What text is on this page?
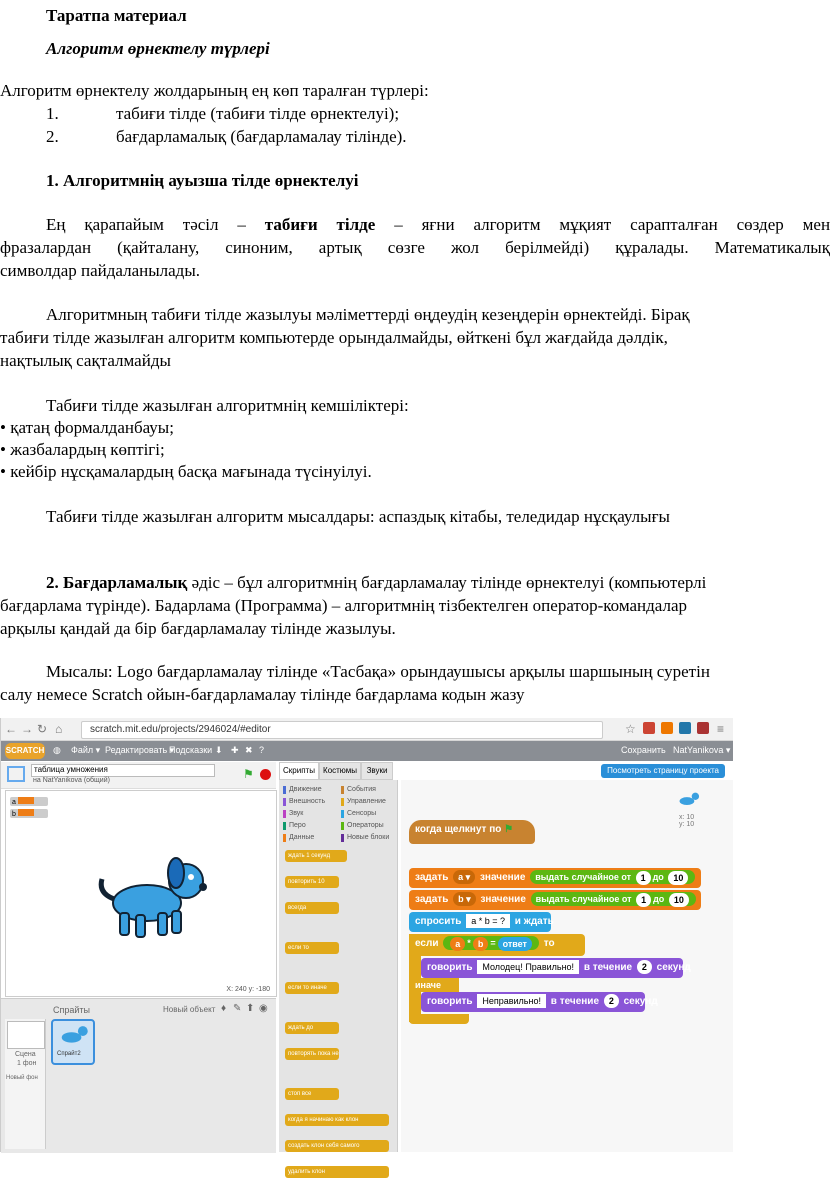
Таратпа материал
Алгоритм өрнектелу түрлері
Алгоритм өрнектелу жолдарының ең көп таралған түрлері:
1.	табиғи тілде (табиғи тілде өрнектелуі);
2.	бағдарламалық (бағдарламалау тілінде).
1. Алгоритмнің ауызша тілде өрнектелуі
Ең қарапайым тәсіл – табиғи тілде – яғни алгоритм мұқият сарапталған сөздер мен
фразалардан (қайталану, синоним, артық сөзге жол берілмейді) құралады. Математикалық
символдар пайдаланылады.
Алгоритмның табиғи тілде жазылуы мәліметтерді өңдеудің кезеңдерін өрнектейді. Бірақ
табиғи тілде жазылған алгоритм компьютерде орындалмайды, өйткені бұл жағдайда дәлдік,
нақтылық сақталмайды
Табиғи тілде жазылған алгоритмнің кемшіліктері:
• қатаң формалданбауы;
• жазбалардың көптігі;
• кейбір нұсқамалардың басқа мағынада түсінуілуі.
Табиғи тілде жазылған алгоритм мысалдары: аспаздық кітабы, теледидар нұсқаулығы
2. Бағдарламалық әдіс – бұл алгоритмнің бағдарламалау тілінде өрнектелуі (компьютерлі
бағдарлама түрінде). Бадарлама (Программа) – алгоритмнің тізбектелген оператор-командалар
арқылы қандай да бір бағдарламалау тілінде жазылуы.
Мысалы: Logo бағдарламалау тілінде «Тасбақа» орындаушысы арқылы шаршының суретін
салу немесе Scratch ойын-бағдарламалау тілінде бағдарлама кодын жазу
← → ↻ ⌂	scratch.mit.edu/projects/2946024/#editor	☆	≡
SCRATCH ◍ Файл ▾ Редактировать ▾
Подсказки ⬇ ✚ ✖ ?	Сохранить NatYanikova ▾
таблица умножения
на NatYanikova (общий)	⚑
a
b
X: 240 y: -180
Спрайты	Новый объект ♦ ✎ ⬆ ◉
Сцена
1 фон
Новый фон
Спрайт2
Скрипты	Костюмы	Звуки
Движение	События
Внешность	Управление
Звук	Сенсоры
Перо	Операторы
Данные	Новые блоки
ждать 1 секунд
повторить 10
всегда
если то
если то иначе
ждать до
повторять пока не
стоп все
когда я начинаю как клон
создать клон себя самого
удалить клон
Посмотреть страницу проекта
x: 10
y: 10
когда щелкнут по ⚑
задать a ▾ значение выдать случайное от 1 до 10
задать b ▾ значение выдать случайное от 1 до 10
спросить a * b = ? и ждать
если a * b = ответ то
говорить Молодец! Правильно! в течение 2 секунд
иначе
говорить Неправильно! в течение 2 секунд
